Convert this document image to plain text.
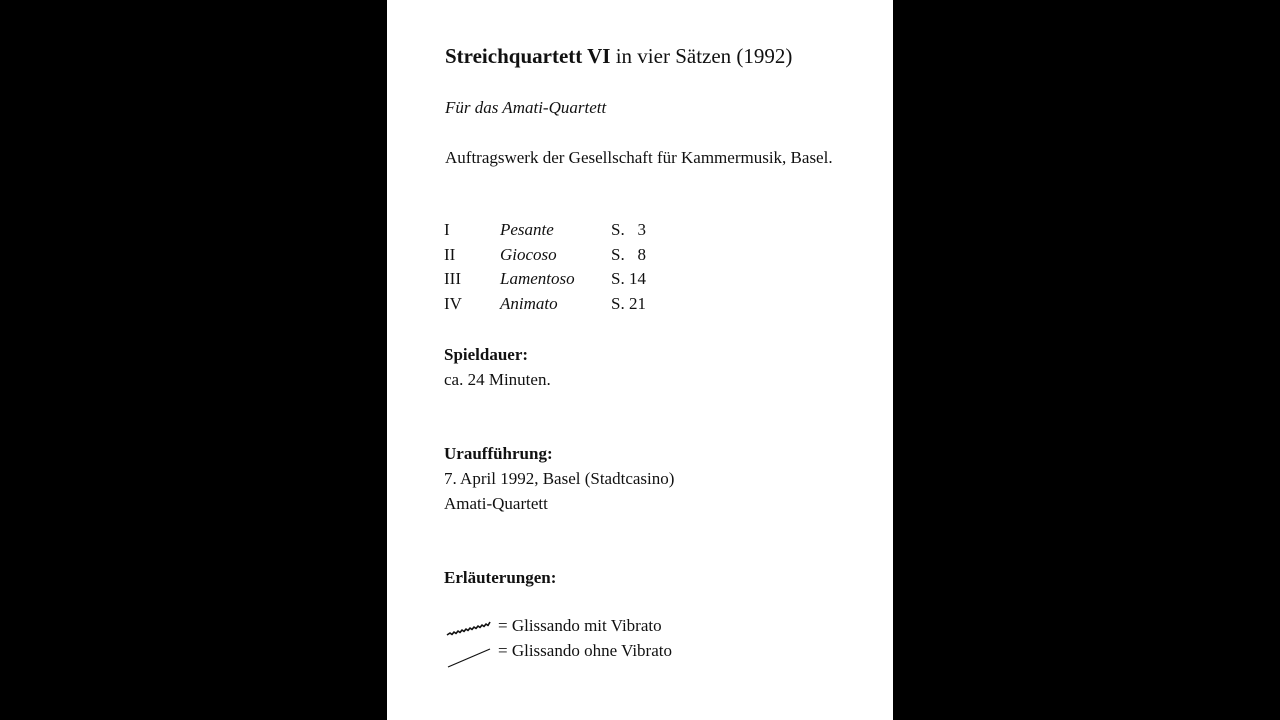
Streichquartett VI in vier Sätzen (1992)
Für das Amati-Quartett
Auftragswerk der Gesellschaft für Kammermusik, Basel.
I	Pesante	S.   3
II	Giocoso	S.   8
III Lamentoso S. 14
IV Animato	S. 21
Spieldauer:
ca. 24 Minuten.
Uraufführung:
7. April 1992, Basel (Stadtcasino)
Amati-Quartett
Erläuterungen:
= Glissando mit Vibrato
= Glissando ohne Vibrato
